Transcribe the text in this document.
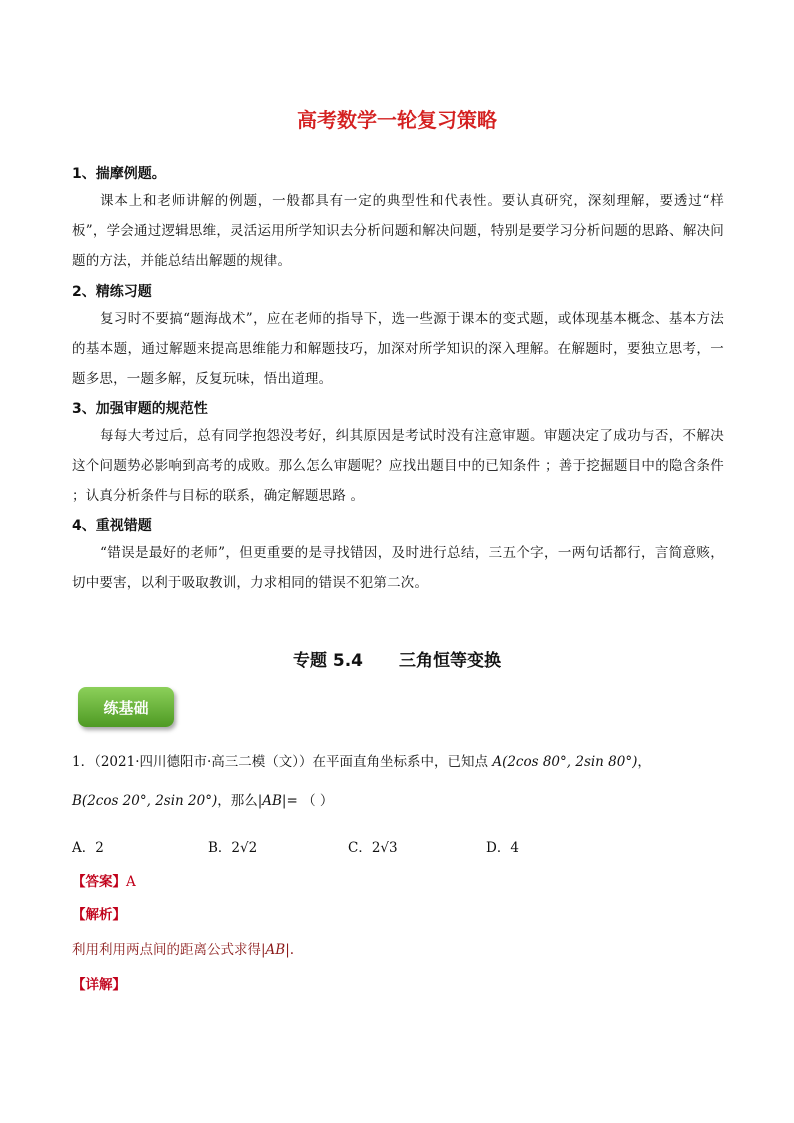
高考数学一轮复习策略
1、揣摩例题。
课本上和老师讲解的例题，一般都具有一定的典型性和代表性。要认真研究，深刻理解，要透过“样板”，学会通过逻辑思维，灵活运用所学知识去分析问题和解决问题，特别是要学习分析问题的思路、解决问题的方法，并能总结出解题的规律。
2、精练习题
复习时不要搞“题海战术”，应在老师的指导下，选一些源于课本的变式题，或体现基本概念、基本方法的基本题，通过解题来提高思维能力和解题技巧，加深对所学知识的深入理解。在解题时，要独立思考，一题多思，一题多解，反复玩味，悟出道理。
3、加强审题的规范性
每每大考过后，总有同学抱怨没考好，纠其原因是考试时没有注意审题。审题决定了成功与否，不解决这个问题势必影响到高考的成败。那么怎么审题呢？应找出题目中的已知条件 ；善于挖掘题目中的隐含条件 ；认真分析条件与目标的联系，确定解题思路 。
4、重视错题
“错误是最好的老师”，但更重要的是寻找错因，及时进行总结，三五个字，一两句话都行，言简意赅，切中要害，以利于吸取教训，力求相同的错误不犯第二次。
专题 5.4 三角恒等变换
练基础
1．（2021·四川德阳市·高三二模（文））在平面直角坐标系中，已知点 A(2cos 80°, 2sin 80°)，
B(2cos 20°, 2sin 20°)，那么|AB|= （ ）
A．2	B．2√2	C．2√3	D．4
【答案】A
【解析】
利用利用两点间的距离公式求得|AB|.
【详解】
